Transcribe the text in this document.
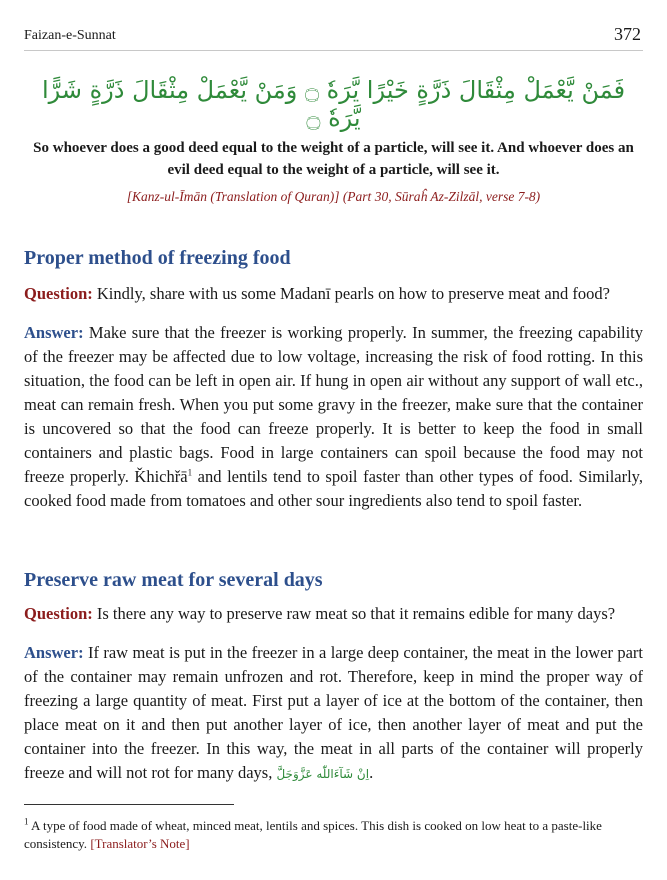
Faizan-e-Sunnat	372
فَمَنْ يَّعْمَلْ مِثْقَالَ ذَرَّةٍ خَيْرًا يَّرَهٗ ۝ وَمَنْ يَّعْمَلْ مِثْقَالَ ذَرَّةٍ شَرًّا يَّرَهٗ ۝
So whoever does a good deed equal to the weight of a particle, will see it. And whoever does an evil deed equal to the weight of a particle, will see it.
[Kanz-ul-Īmān (Translation of Quran)] (Part 30, Sūraĥ Az-Zilzāl, verse 7-8)
Proper method of freezing food
Question: Kindly, share with us some Madanī pearls on how to preserve meat and food?
Answer: Make sure that the freezer is working properly. In summer, the freezing capability of the freezer may be affected due to low voltage, increasing the risk of food rotting. In this situation, the food can be left in open air. If hung in open air without any support of wall etc., meat can remain fresh. When you put some gravy in the freezer, make sure that the container is uncovered so that the food can freeze properly. It is better to keep the food in small containers and plastic bags. Food in large containers can spoil because the food may not freeze properly. Ǩhichřā$^1$ and lentils tend to spoil faster than other types of food. Similarly, cooked food made from tomatoes and other sour ingredients also tend to spoil faster.
Preserve raw meat for several days
Question: Is there any way to preserve raw meat so that it remains edible for many days?
Answer: If raw meat is put in the freezer in a large deep container, the meat in the lower part of the container may remain unfrozen and rot. Therefore, keep in mind the proper way of freezing a large quantity of meat. First put a layer of ice at the bottom of the container, then place meat on it and then put another layer of ice, then another layer of meat and put the container into the freezer. In this way, the meat in all parts of the container will properly freeze and will not rot for many days, اِنْ شَآءَاللّٰه عَزَّوَجَلَّ.
$^1$ A type of food made of wheat, minced meat, lentils and spices. This dish is cooked on low heat to a paste-like consistency. [Translator’s Note]
